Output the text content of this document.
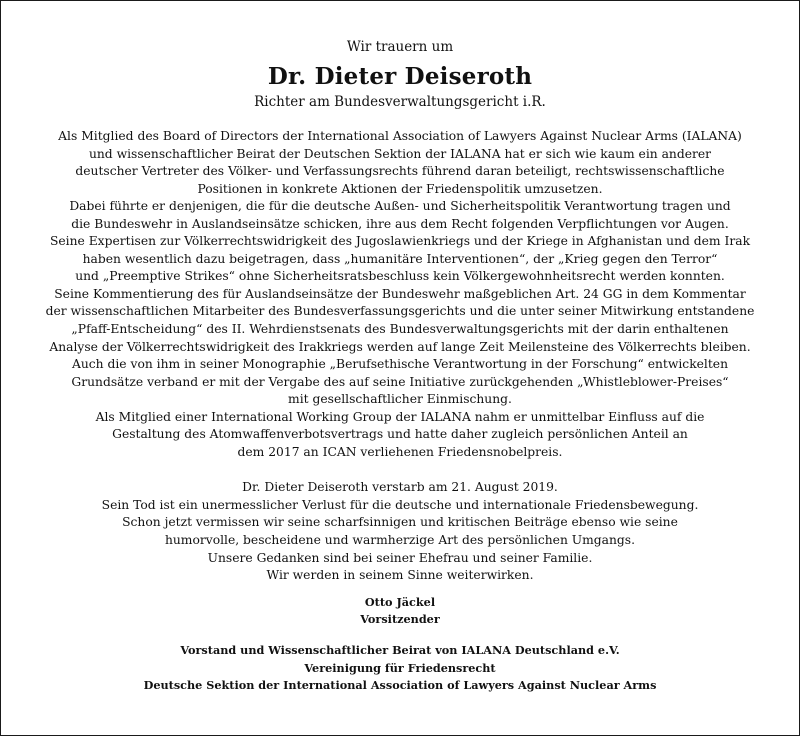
Wir trauern um
Dr. Dieter Deiseroth
Richter am Bundesverwaltungsgericht i.R.
Als Mitglied des Board of Directors der International Association of Lawyers Against Nuclear Arms (IALANA)
und wissenschaftlicher Beirat der Deutschen Sektion der IALANA hat er sich wie kaum ein anderer
deutscher Vertreter des Völker- und Verfassungsrechts führend daran beteiligt, rechtswissenschaftliche
Positionen in konkrete Aktionen der Friedenspolitik umzusetzen.
Dabei führte er denjenigen, die für die deutsche Außen- und Sicherheitspolitik Verantwortung tragen und
die Bundeswehr in Auslandseinsätze schicken, ihre aus dem Recht folgenden Verpflichtungen vor Augen.
Seine Expertisen zur Völkerrechtswidrigkeit des Jugoslawienkriegs und der Kriege in Afghanistan und dem Irak
haben wesentlich dazu beigetragen, dass „humanitäre Interventionen“, der „Krieg gegen den Terror“
und „Preemptive Strikes“ ohne Sicherheitsratsbeschluss kein Völkergewohnheitsrecht werden konnten.
Seine Kommentierung des für Auslandseinsätze der Bundeswehr maßgeblichen Art. 24 GG in dem Kommentar
der wissenschaftlichen Mitarbeiter des Bundesverfassungsgerichts und die unter seiner Mitwirkung entstandene
„Pfaff-Entscheidung“ des II. Wehrdienstsenats des Bundesverwaltungsgerichts mit der darin enthaltenen
Analyse der Völkerrechtswidrigkeit des Irakkriegs werden auf lange Zeit Meilensteine des Völkerrechts bleiben.
Auch die von ihm in seiner Monographie „Berufsethische Verantwortung in der Forschung“ entwickelten
Grundsätze verband er mit der Vergabe des auf seine Initiative zurückgehenden „Whistleblower-Preises“
mit gesellschaftlicher Einmischung.
Als Mitglied einer International Working Group der IALANA nahm er unmittelbar Einfluss auf die
Gestaltung des Atomwaffenverbotsvertrags und hatte daher zugleich persönlichen Anteil an
dem 2017 an ICAN verliehenen Friedensnobelpreis.
Dr. Dieter Deiseroth verstarb am 21. August 2019.
Sein Tod ist ein unermesslicher Verlust für die deutsche und internationale Friedensbewegung.
Schon jetzt vermissen wir seine scharfsinnigen und kritischen Beiträge ebenso wie seine
humorvolle, bescheidene und warmherzige Art des persönlichen Umgangs.
Unsere Gedanken sind bei seiner Ehefrau und seiner Familie.
Wir werden in seinem Sinne weiterwirken.
Otto Jäckel
Vorsitzender
Vorstand und Wissenschaftlicher Beirat von IALANA Deutschland e.V.
Vereinigung für Friedensrecht
Deutsche Sektion der International Association of Lawyers Against Nuclear Arms
